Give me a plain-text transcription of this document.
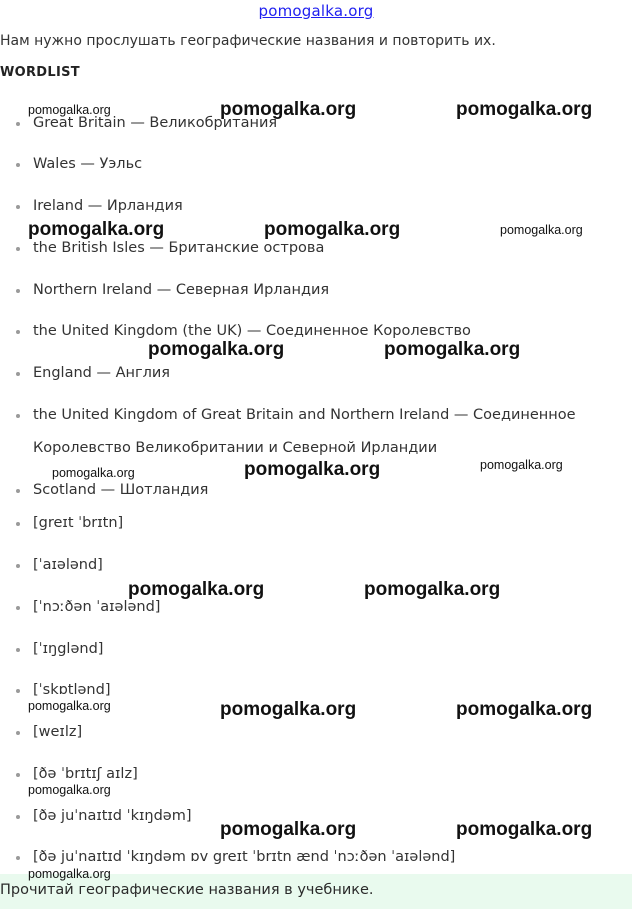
pomogalka.org
Нам нужно прослушать географические названия и повторить их.
WORDLIST
Great Britain — Великобритания
Wales — Уэльс
Ireland — Ирландия
the British Isles — Британские острова
Northern Ireland — Северная Ирландия
the United Kingdom (the UK) — Соединенное Королевство
England — Англия
the United Kingdom of Great Britain and Northern Ireland — Соединенное Королевство Великобритании и Северной Ирландии
Scotland — Шотландия
[greɪt ˈbrɪtn]
[ˈaɪələnd]
[ˈnɔːðən ˈaɪələnd]
[ˈɪŋglənd]
[ˈskɒtlənd]
[weɪlz]
[ðə ˈbrɪtɪʃ aɪlz]
[ðə juˈnaɪtɪd ˈkɪŋdəm]
[ðə juˈnaɪtɪd ˈkɪŋdəm ɒv greɪt ˈbrɪtn ænd ˈnɔːðən ˈaɪələnd]
Прочитай географические названия в учебнике.
pomogalka.org	pomogalka.org	pomogalka.org
pomogalka.org	pomogalka.org	pomogalka.org
pomogalka.org	pomogalka.org
pomogalka.org	pomogalka.org	pomogalka.org
pomogalka.org	pomogalka.org
pomogalka.org	pomogalka.org	pomogalka.org
pomogalka.org
pomogalka.org	pomogalka.org
pomogalka.org
